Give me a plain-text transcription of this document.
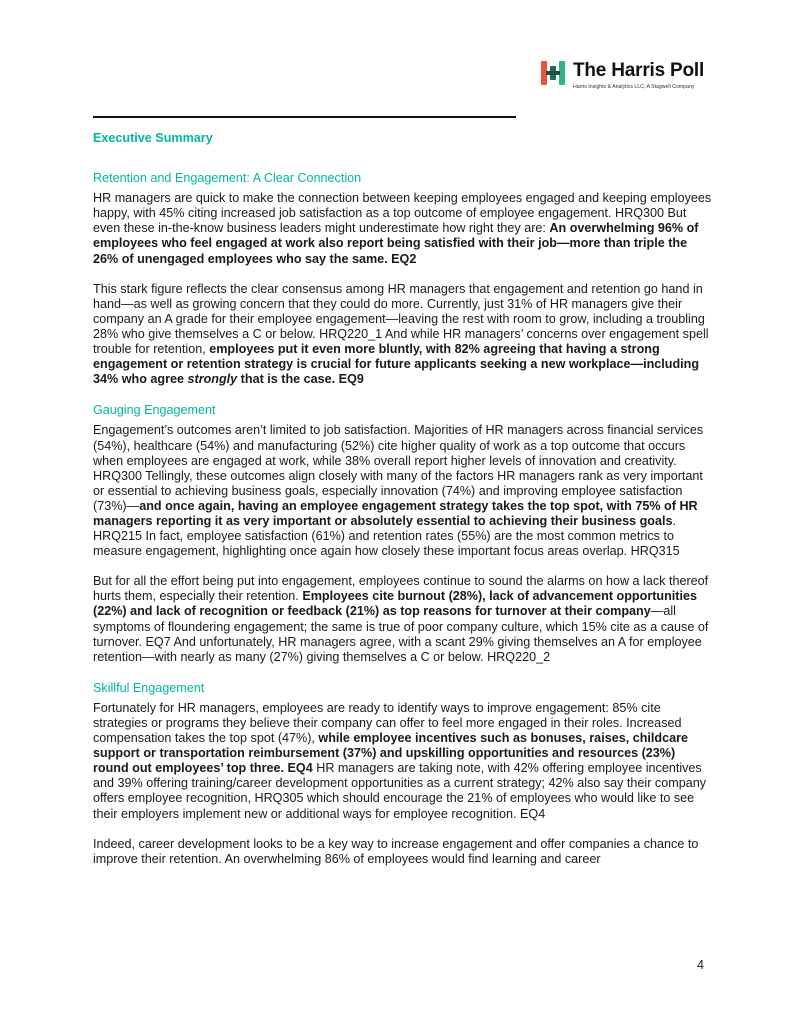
The Harris Poll
Harris Insights & Analytics LLC, A Stagwell Company

Executive Summary

Retention and Engagement: A Clear Connection

HR managers are quick to make the connection between keeping employees engaged and keeping employees happy, with 45% citing increased job satisfaction as a top outcome of employee engagement. HRQ300 But even these in-the-know business leaders might underestimate how right they are: An overwhelming 96% of employees who feel engaged at work also report being satisfied with their job—more than triple the 26% of unengaged employees who say the same. EQ2

This stark figure reflects the clear consensus among HR managers that engagement and retention go hand in hand—as well as growing concern that they could do more. Currently, just 31% of HR managers give their company an A grade for their employee engagement—leaving the rest with room to grow, including a troubling 28% who give themselves a C or below. HRQ220_1 And while HR managers’ concerns over engagement spell trouble for retention, employees put it even more bluntly, with 82% agreeing that having a strong engagement or retention strategy is crucial for future applicants seeking a new workplace—including 34% who agree strongly that is the case. EQ9

Gauging Engagement

Engagement’s outcomes aren’t limited to job satisfaction. Majorities of HR managers across financial services (54%), healthcare (54%) and manufacturing (52%) cite higher quality of work as a top outcome that occurs when employees are engaged at work, while 38% overall report higher levels of innovation and creativity. HRQ300 Tellingly, these outcomes align closely with many of the factors HR managers rank as very important or essential to achieving business goals, especially innovation (74%) and improving employee satisfaction (73%)—and once again, having an employee engagement strategy takes the top spot, with 75% of HR managers reporting it as very important or absolutely essential to achieving their business goals. HRQ215 In fact, employee satisfaction (61%) and retention rates (55%) are the most common metrics to measure engagement, highlighting once again how closely these important focus areas overlap. HRQ315

But for all the effort being put into engagement, employees continue to sound the alarms on how a lack thereof hurts them, especially their retention. Employees cite burnout (28%), lack of advancement opportunities (22%) and lack of recognition or feedback (21%) as top reasons for turnover at their company—all symptoms of floundering engagement; the same is true of poor company culture, which 15% cite as a cause of turnover. EQ7 And unfortunately, HR managers agree, with a scant 29% giving themselves an A for employee retention—with nearly as many (27%) giving themselves a C or below. HRQ220_2

Skillful Engagement

Fortunately for HR managers, employees are ready to identify ways to improve engagement: 85% cite strategies or programs they believe their company can offer to feel more engaged in their roles. Increased compensation takes the top spot (47%), while employee incentives such as bonuses, raises, childcare support or transportation reimbursement (37%) and upskilling opportunities and resources (23%) round out employees’ top three. EQ4 HR managers are taking note, with 42% offering employee incentives and 39% offering training/career development opportunities as a current strategy; 42% also say their company offers employee recognition, HRQ305 which should encourage the 21% of employees who would like to see their employers implement new or additional ways for employee recognition. EQ4

Indeed, career development looks to be a key way to increase engagement and offer companies a chance to improve their retention. An overwhelming 86% of employees would find learning and career

4
